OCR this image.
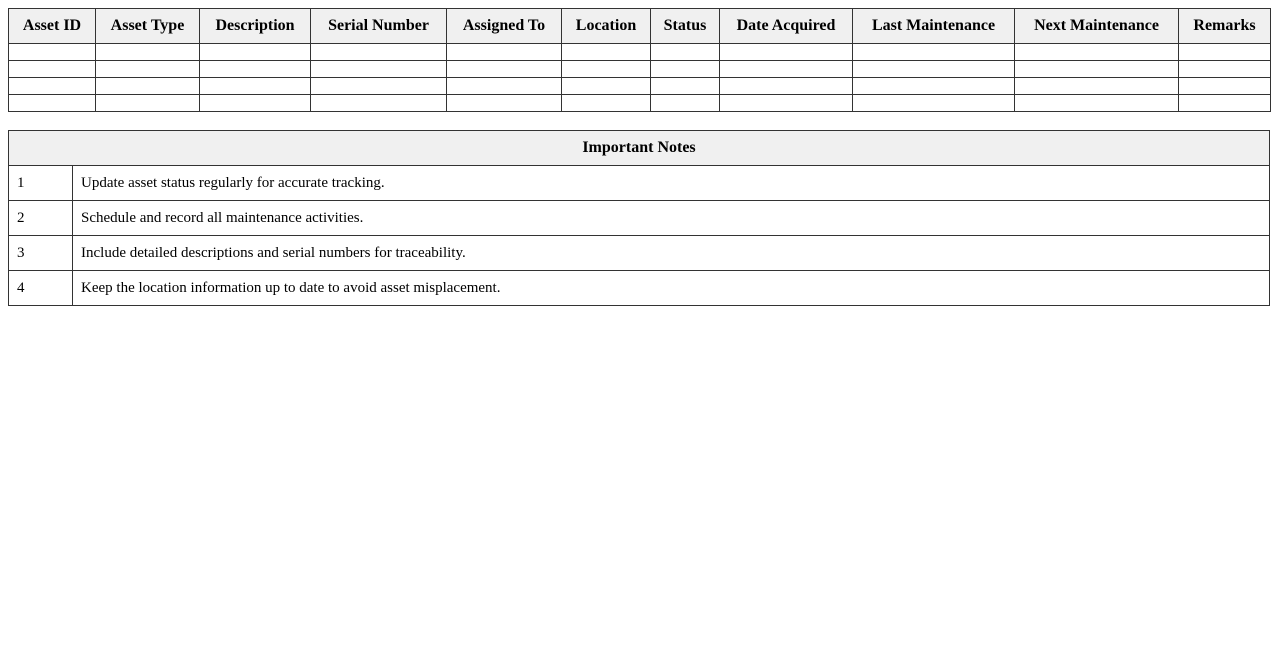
Asset ID	Asset Type	Description	Serial Number	Assigned To	Location	Status	Date Acquired	Last Maintenance	Next Maintenance	Remarks

Important Notes	
1	Update asset status regularly for accurate tracking.
2	Schedule and record all maintenance activities.
3	Include detailed descriptions and serial numbers for traceability.
4	Keep the location information up to date to avoid asset misplacement.
